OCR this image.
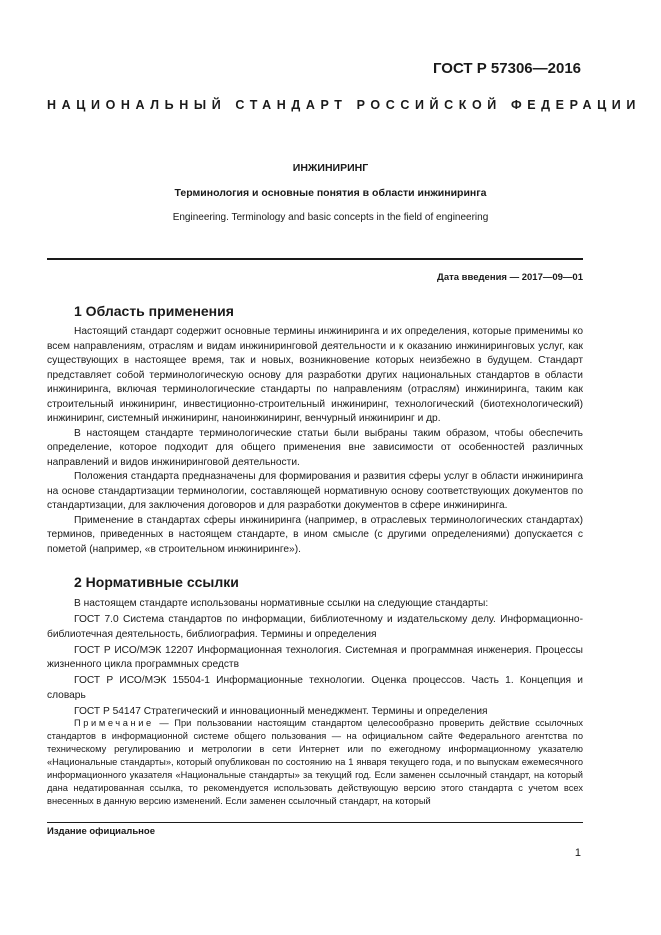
ГОСТ Р 57306—2016
НАЦИОНАЛЬНЫЙ СТАНДАРТ РОССИЙСКОЙ ФЕДЕРАЦИИ
ИНЖИНИРИНГ
Терминология и основные понятия в области инжиниринга
Engineering. Terminology and basic concepts in the field of engineering
Дата введения — 2017—09—01
1 Область применения
Настоящий стандарт содержит основные термины инжиниринга и их определения, которые применимы ко всем направлениям, отраслям и видам инжиниринговой деятельности и к оказанию инжиниринговых услуг, как существующих в настоящее время, так и новых, возникновение которых неизбежно в будущем. Стандарт представляет собой терминологическую основу для разработки других национальных стандартов в области инжиниринга, включая терминологические стандарты по направлениям (отраслям) инжиниринга, таким как строительный инжиниринг, инвестиционно-строительный инжиниринг, технологический (биотехнологический) инжиниринг, системный инжиниринг, наноинжиниринг, венчурный инжиниринг и др.
В настоящем стандарте терминологические статьи были выбраны таким образом, чтобы обеспечить определение, которое подходит для общего применения вне зависимости от особенностей различных направлений и видов инжиниринговой деятельности.
Положения стандарта предназначены для формирования и развития сферы услуг в области инжиниринга на основе стандартизации терминологии, составляющей нормативную основу соответствующих документов по стандартизации, для заключения договоров и для разработки документов в сфере инжиниринга.
Применение в стандартах сферы инжиниринга (например, в отраслевых терминологических стандартах) терминов, приведенных в настоящем стандарте, в ином смысле (с другими определениями) допускается с пометой (например, «в строительном инжиниринге»).
2 Нормативные ссылки

В настоящем стандарте использованы нормативные ссылки на следующие стандарты:

ГОСТ 7.0 Система стандартов по информации, библиотечному и издательскому делу. Информационно-библиотечная деятельность, библиография. Термины и определения

ГОСТ Р ИСО/МЭК 12207 Информационная технология. Системная и программная инженерия. Процессы жизненного цикла программных средств

ГОСТ Р ИСО/МЭК 15504-1 Информационные технологии. Оценка процессов. Часть 1. Концепция и словарь

ГОСТ Р 54147 Стратегический и инновационный менеджмент. Термины и определения

Примечание — При пользовании настоящим стандартом целесообразно проверить действие ссылочных стандартов в информационной системе общего пользования — на официальном сайте Федерального агентства по техническому регулированию и метрологии в сети Интернет или по ежегодному информационному указателю «Национальные стандарты», который опубликован по состоянию на 1 января текущего года, и по выпускам ежемесячного информационного указателя «Национальные стандарты» за текущий год. Если заменен ссылочный стандарт, на который дана недатированная ссылка, то рекомендуется использовать действующую версию этого стандарта с учетом всех внесенных в данную версию изменений. Если заменен ссылочный стандарт, на который
Издание официальное
1
